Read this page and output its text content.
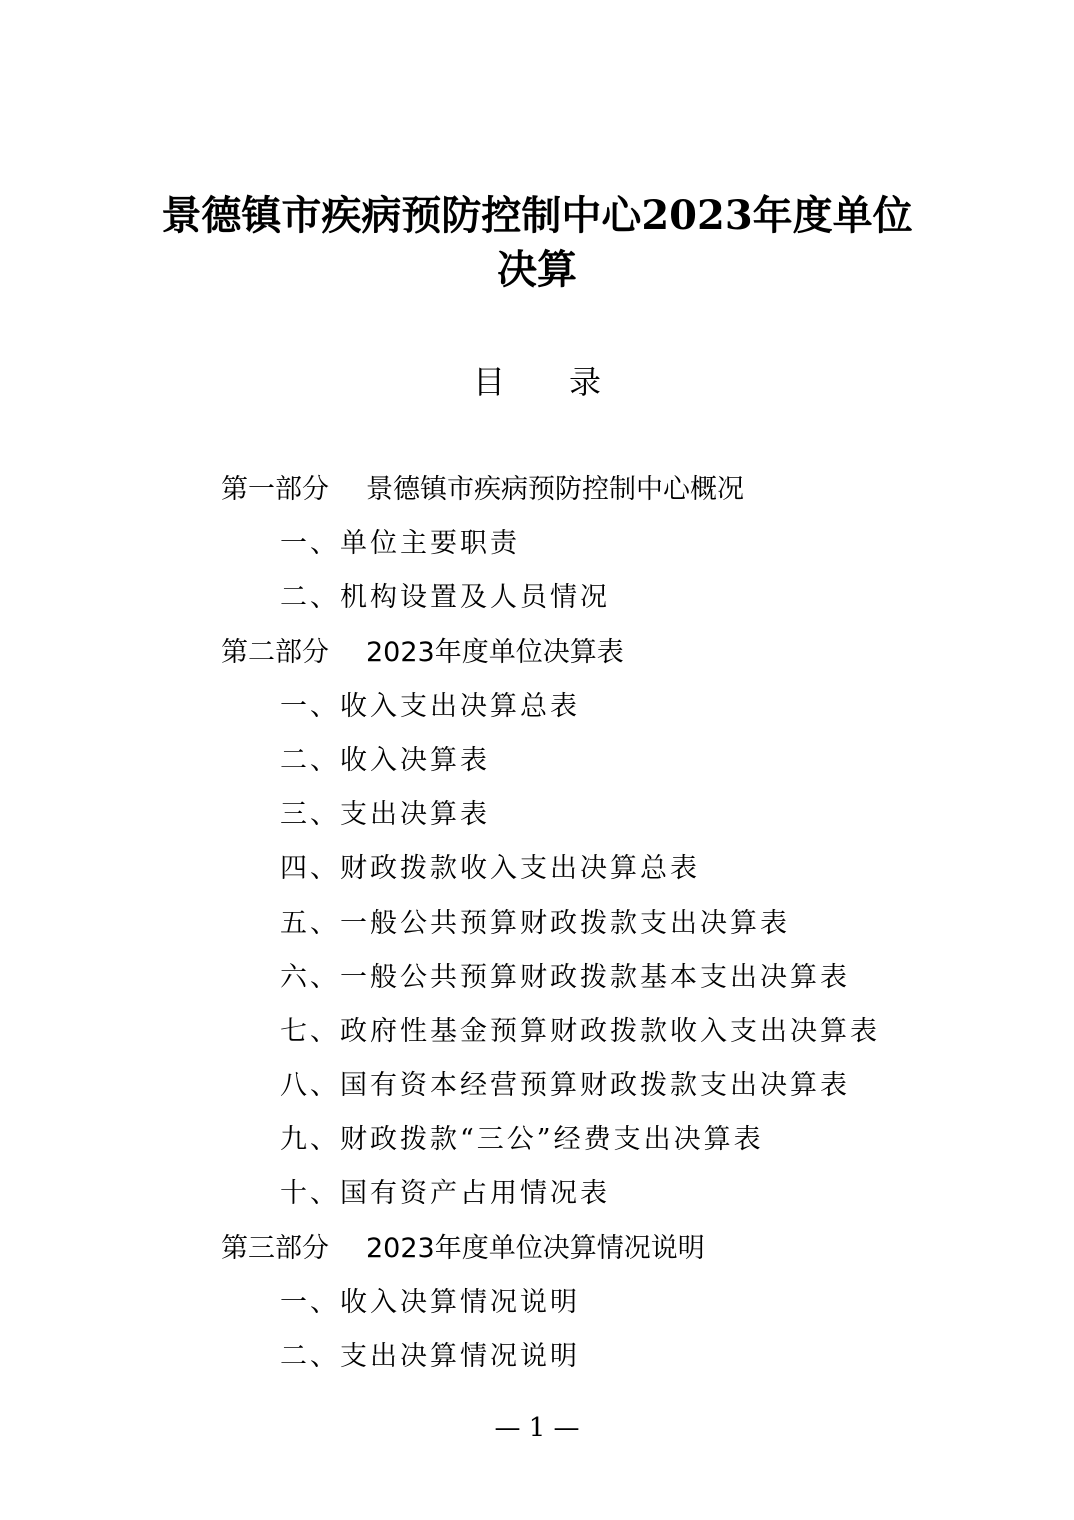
景德镇市疾病预防控制中心2023年度单位
决算
目 录
第一部分 景德镇市疾病预防控制中心概况
一、单位主要职责
二、机构设置及人员情况
第二部分 2023年度单位决算表
一、收入支出决算总表
二、收入决算表
三、支出决算表
四、财政拨款收入支出决算总表
五、一般公共预算财政拨款支出决算表
六、一般公共预算财政拨款基本支出决算表
七、政府性基金预算财政拨款收入支出决算表
八、国有资本经营预算财政拨款支出决算表
九、财政拨款“三公”经费支出决算表
十、国有资产占用情况表
第三部分 2023年度单位决算情况说明
一、收入决算情况说明
二、支出决算情况说明
— 1 —
